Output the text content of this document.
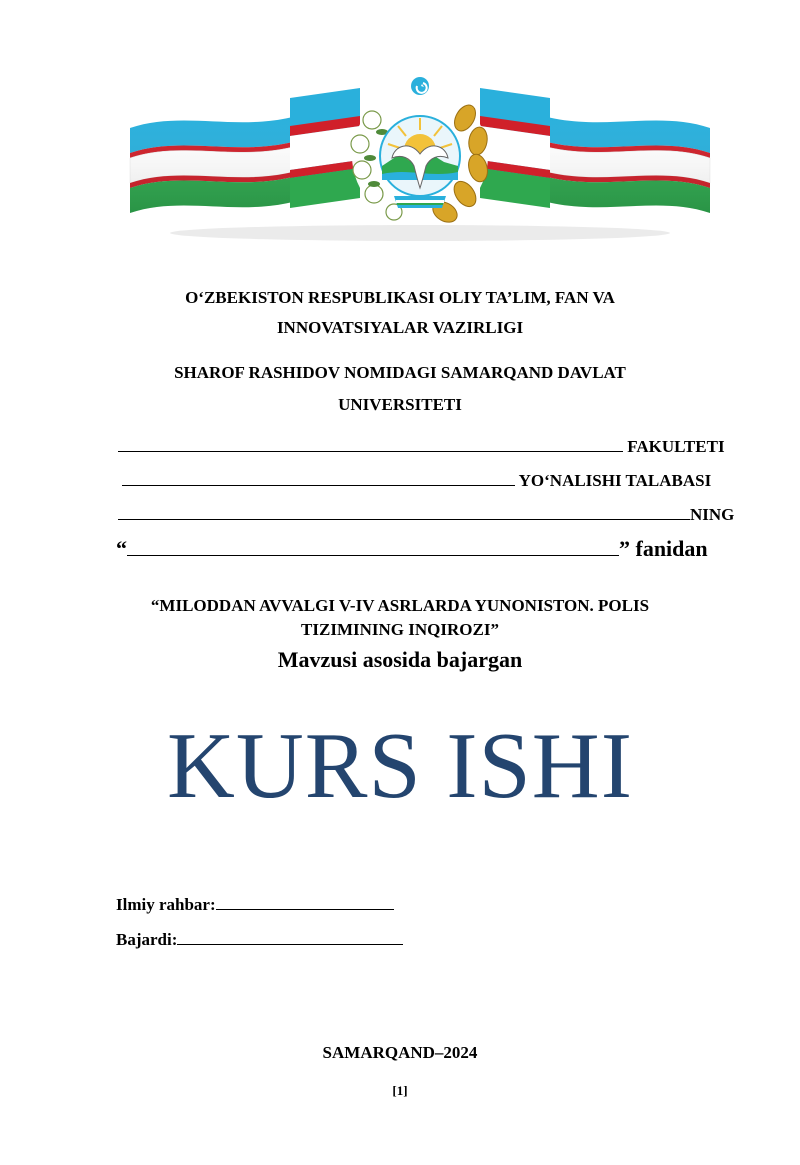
O‘ZBEKISTON RESPUBLIKASI OLIY TA’LIM, FAN VA
INNOVATSIYALAR VAZIRLIGI
SHAROF RASHIDOV NOMIDAGI SAMARQAND DAVLAT
UNIVERSITETI
FAKULTETI
YO‘NALISHI TALABASI
NING
“	” fanidan
“MILODDAN AVVALGI V-IV ASRLARDA YUNONISTON. POLIS
TIZIMINING INQIROZI”
Mavzusi asosida bajargan
KURS ISHI
Ilmiy rahbar:
Bajardi:
SAMARQAND–2024
[1]
